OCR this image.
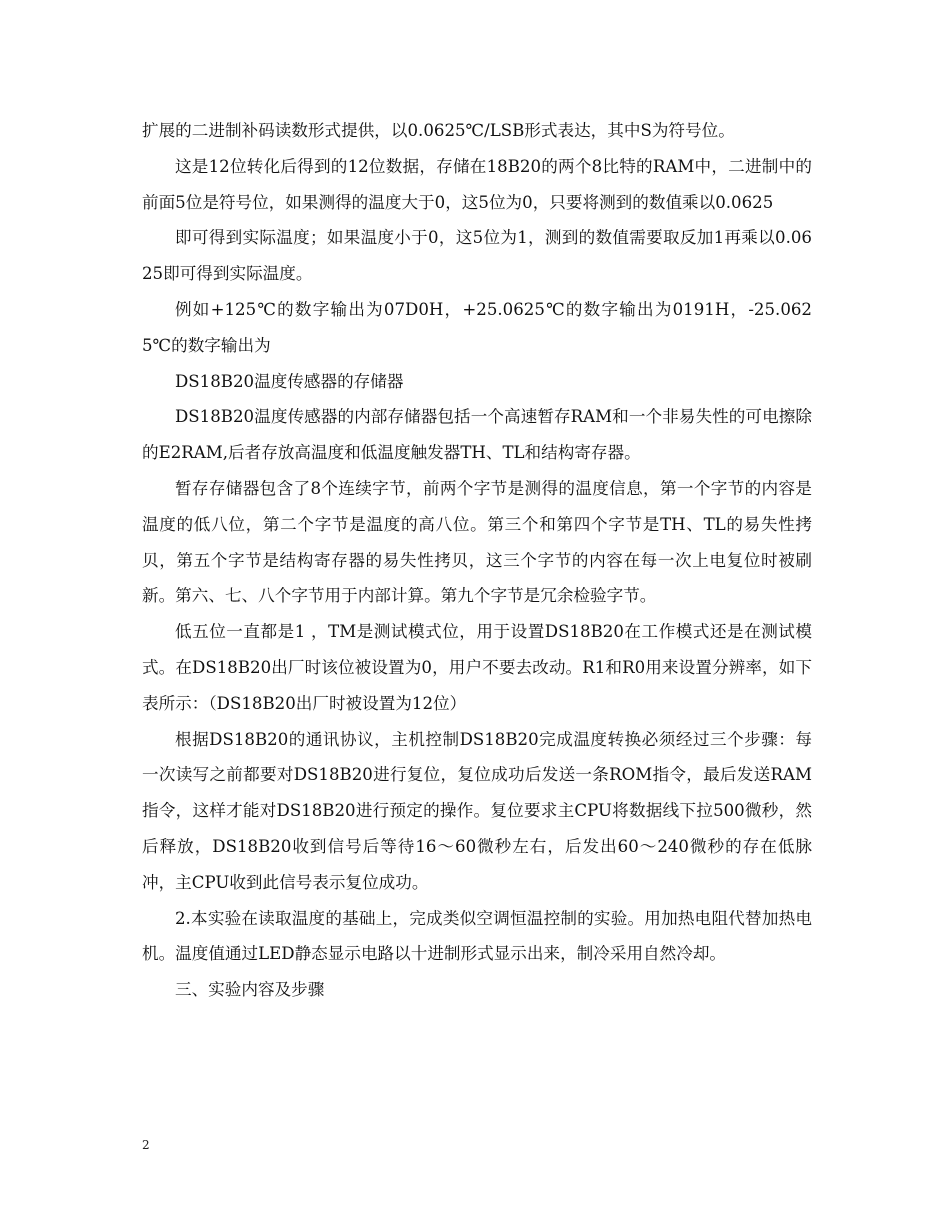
扩展的二进制补码读数形式提供，以0.0625℃/LSB形式表达，其中S为符号位。

这是12位转化后得到的12位数据，存储在18B20的两个8比特的RAM中，二进制中的前面5位是符号位，如果测得的温度大于0，这5位为0，只要将测到的数值乘以0.0625

即可得到实际温度；如果温度小于0，这5位为1，测到的数值需要取反加1再乘以0.0625即可得到实际温度。

例如+125℃的数字输出为07D0H，+25.0625℃的数字输出为0191H，-25.0625℃的数字输出为

DS18B20温度传感器的存储器

DS18B20温度传感器的内部存储器包括一个高速暂存RAM和一个非易失性的可电擦除的E2RAM,后者存放高温度和低温度触发器TH、TL和结构寄存器。

暂存存储器包含了8个连续字节，前两个字节是测得的温度信息，第一个字节的内容是温度的低八位，第二个字节是温度的高八位。第三个和第四个字节是TH、TL的易失性拷贝，第五个字节是结构寄存器的易失性拷贝，这三个字节的内容在每一次上电复位时被刷新。第六、七、八个字节用于内部计算。第九个字节是冗余检验字节。

低五位一直都是1 ，TM是测试模式位，用于设置DS18B20在工作模式还是在测试模式。在DS18B20出厂时该位被设置为0，用户不要去改动。R1和R0用来设置分辨率，如下表所示：（DS18B20出厂时被设置为12位）

根据DS18B20的通讯协议，主机控制DS18B20完成温度转换必须经过三个步骤：每一次读写之前都要对DS18B20进行复位，复位成功后发送一条ROM指令，最后发送RAM指令，这样才能对DS18B20进行预定的操作。复位要求主CPU将数据线下拉500微秒，然后释放，DS18B20收到信号后等待16～60微秒左右，后发出60～240微秒的存在低脉冲，主CPU收到此信号表示复位成功。

2.本实验在读取温度的基础上，完成类似空调恒温控制的实验。用加热电阻代替加热电机。温度值通过LED静态显示电路以十进制形式显示出来，制冷采用自然冷却。

三、实验内容及步骤

2
